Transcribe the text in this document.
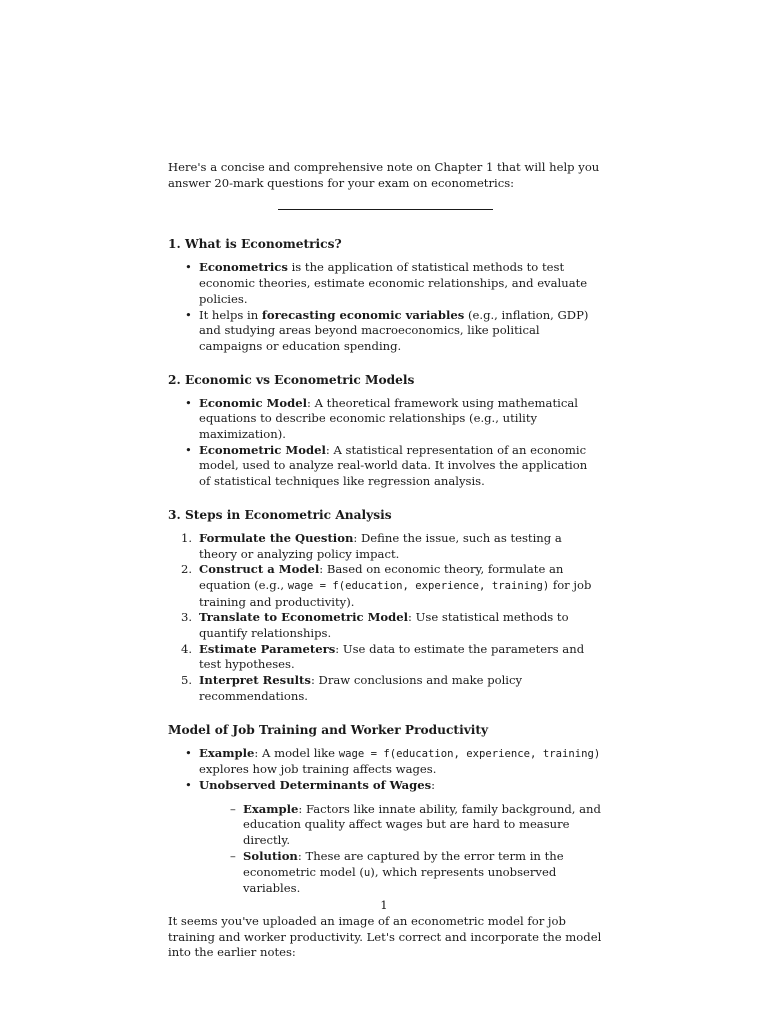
Here's a concise and comprehensive note on Chapter 1 that will help you answer 20-mark questions for your exam on econometrics:

1. What is Econometrics?
• Econometrics is the application of statistical methods to test economic theories, estimate economic relationships, and evaluate policies.
• It helps in forecasting economic variables (e.g., inflation, GDP) and studying areas beyond macroeconomics, like political campaigns or education spending.
2. Economic vs Econometric Models
• Economic Model: A theoretical framework using mathematical equations to describe economic relationships (e.g., utility maximization).
• Econometric Model: A statistical representation of an economic model, used to analyze real-world data. It involves the application of statistical techniques like regression analysis.
3. Steps in Econometric Analysis
1. Formulate the Question: Define the issue, such as testing a theory or analyzing policy impact.
2. Construct a Model: Based on economic theory, formulate an equation (e.g., wage = f(education, experience, training) for job training and productivity).
3. Translate to Econometric Model: Use statistical methods to quantify relationships.
4. Estimate Parameters: Use data to estimate the parameters and test hypotheses.
5. Interpret Results: Draw conclusions and make policy recommendations.
Model of Job Training and Worker Productivity
• Example: A model like wage = f(education, experience, training) explores how job training affects wages.
• Unobserved Determinants of Wages:
– Example: Factors like innate ability, family background, and education quality affect wages but are hard to measure directly.
– Solution: These are captured by the error term in the econometric model (u), which represents unobserved variables.

It seems you've uploaded an image of an econometric model for job training and worker productivity. Let's correct and incorporate the model into the earlier notes:

1
